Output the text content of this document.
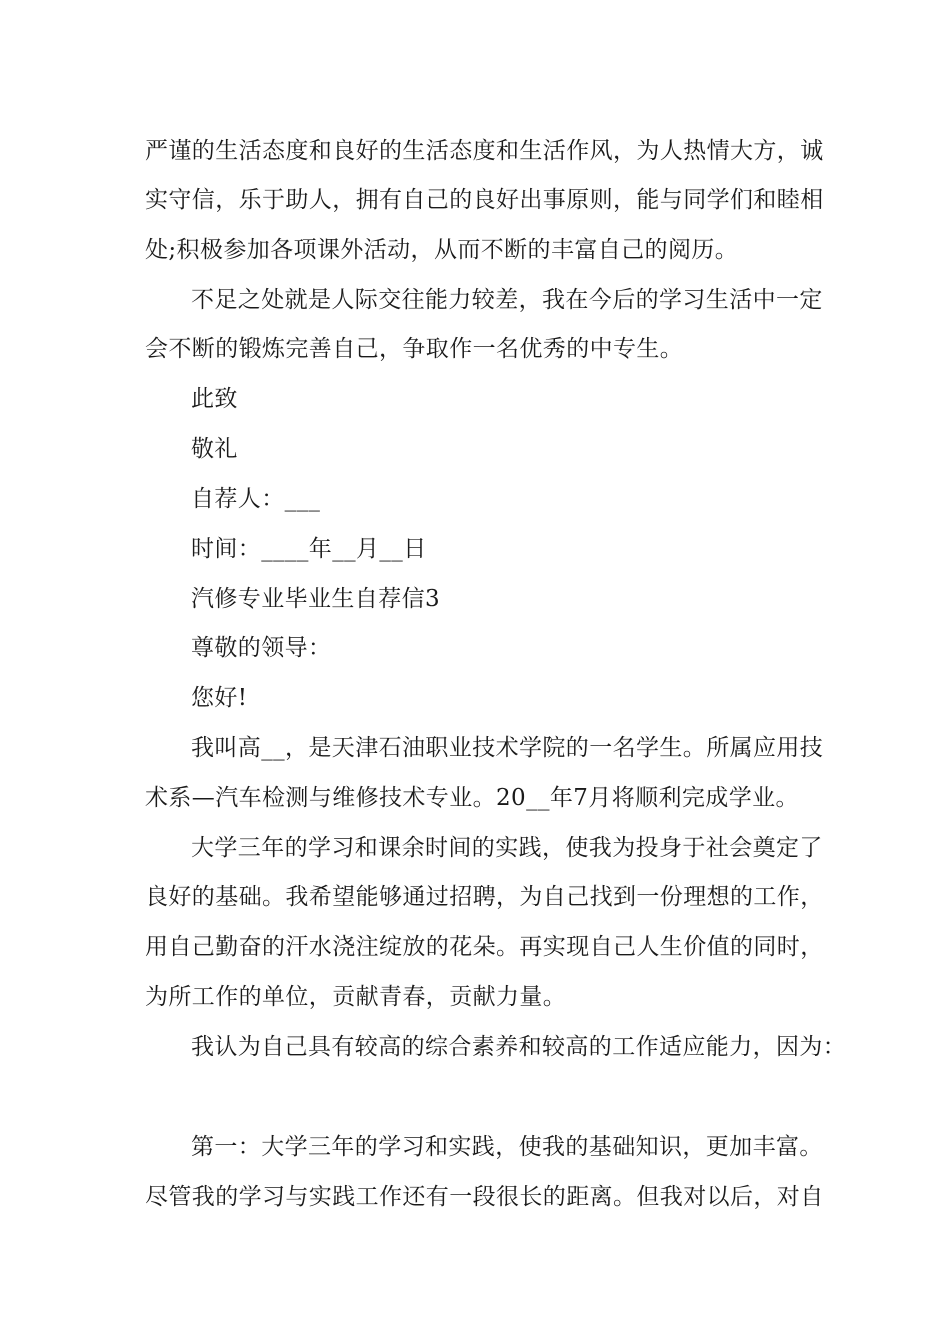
严谨的生活态度和良好的生活态度和生活作风，为人热情大方，诚
实守信，乐于助人，拥有自己的良好出事原则，能与同学们和睦相
处;积极参加各项课外活动，从而不断的丰富自己的阅历。
不足之处就是人际交往能力较差，我在今后的学习生活中一定
会不断的锻炼完善自己，争取作一名优秀的中专生。
此致
敬礼
自荐人：___
时间：____年__月__日
汽修专业毕业生自荐信3
尊敬的领导：
您好!
我叫高__，是天津石油职业技术学院的一名学生。所属应用技
术系—汽车检测与维修技术专业。20__年7月将顺利完成学业。
大学三年的学习和课余时间的实践，使我为投身于社会奠定了
良好的基础。我希望能够通过招聘，为自己找到一份理想的工作，
用自己勤奋的汗水浇注绽放的花朵。再实现自己人生价值的同时，
为所工作的单位，贡献青春，贡献力量。
我认为自己具有较高的综合素养和较高的工作适应能力，因为：
第一：大学三年的学习和实践，使我的基础知识，更加丰富。
尽管我的学习与实践工作还有一段很长的距离。但我对以后，对自
